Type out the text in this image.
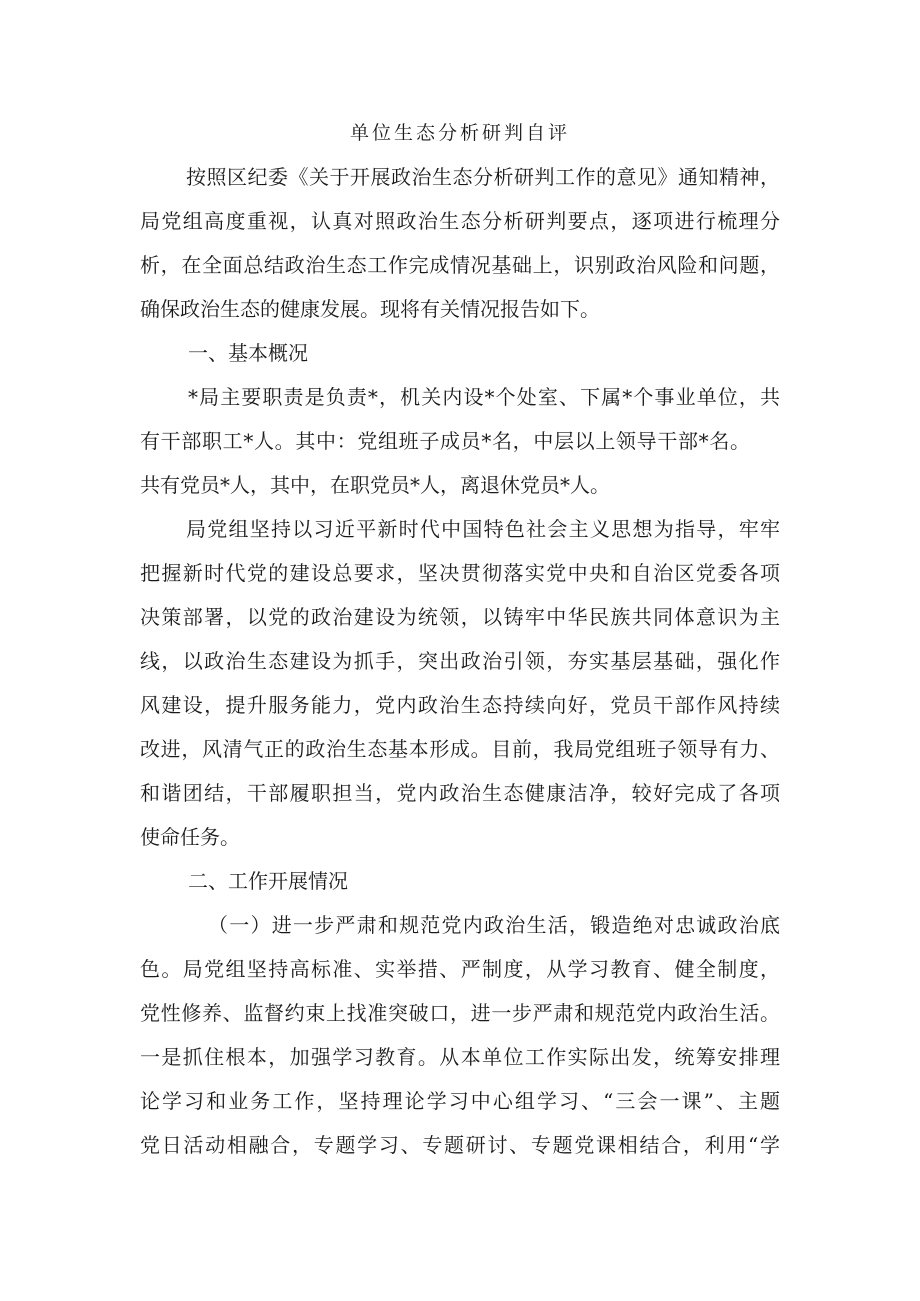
单位生态分析研判自评
按照区纪委《关于开展政治生态分析研判工作的意见》通知精神，
局党组高度重视，认真对照政治生态分析研判要点，逐项进行梳理分
析，在全面总结政治生态工作完成情况基础上，识别政治风险和问题，
确保政治生态的健康发展。现将有关情况报告如下。
一、基本概况
*局主要职责是负责*，机关内设*个处室、下属*个事业单位，共
有干部职工*人。其中：党组班子成员*名，中层以上领导干部*名。
共有党员*人，其中，在职党员*人，离退休党员*人。
局党组坚持以习近平新时代中国特色社会主义思想为指导，牢牢
把握新时代党的建设总要求，坚决贯彻落实党中央和自治区党委各项
决策部署，以党的政治建设为统领，以铸牢中华民族共同体意识为主
线，以政治生态建设为抓手，突出政治引领，夯实基层基础，强化作
风建设，提升服务能力，党内政治生态持续向好，党员干部作风持续
改进，风清气正的政治生态基本形成。目前，我局党组班子领导有力、
和谐团结，干部履职担当，党内政治生态健康洁净，较好完成了各项
使命任务。
二、工作开展情况
（一）进一步严肃和规范党内政治生活，锻造绝对忠诚政治底
色。局党组坚持高标准、实举措、严制度，从学习教育、健全制度，
党性修养、监督约束上找准突破口，进一步严肃和规范党内政治生活。
一是抓住根本，加强学习教育。从本单位工作实际出发，统筹安排理
论学习和业务工作，坚持理论学习中心组学习、“三会一课”、主题
党日活动相融合，专题学习、专题研讨、专题党课相结合，利用“学
